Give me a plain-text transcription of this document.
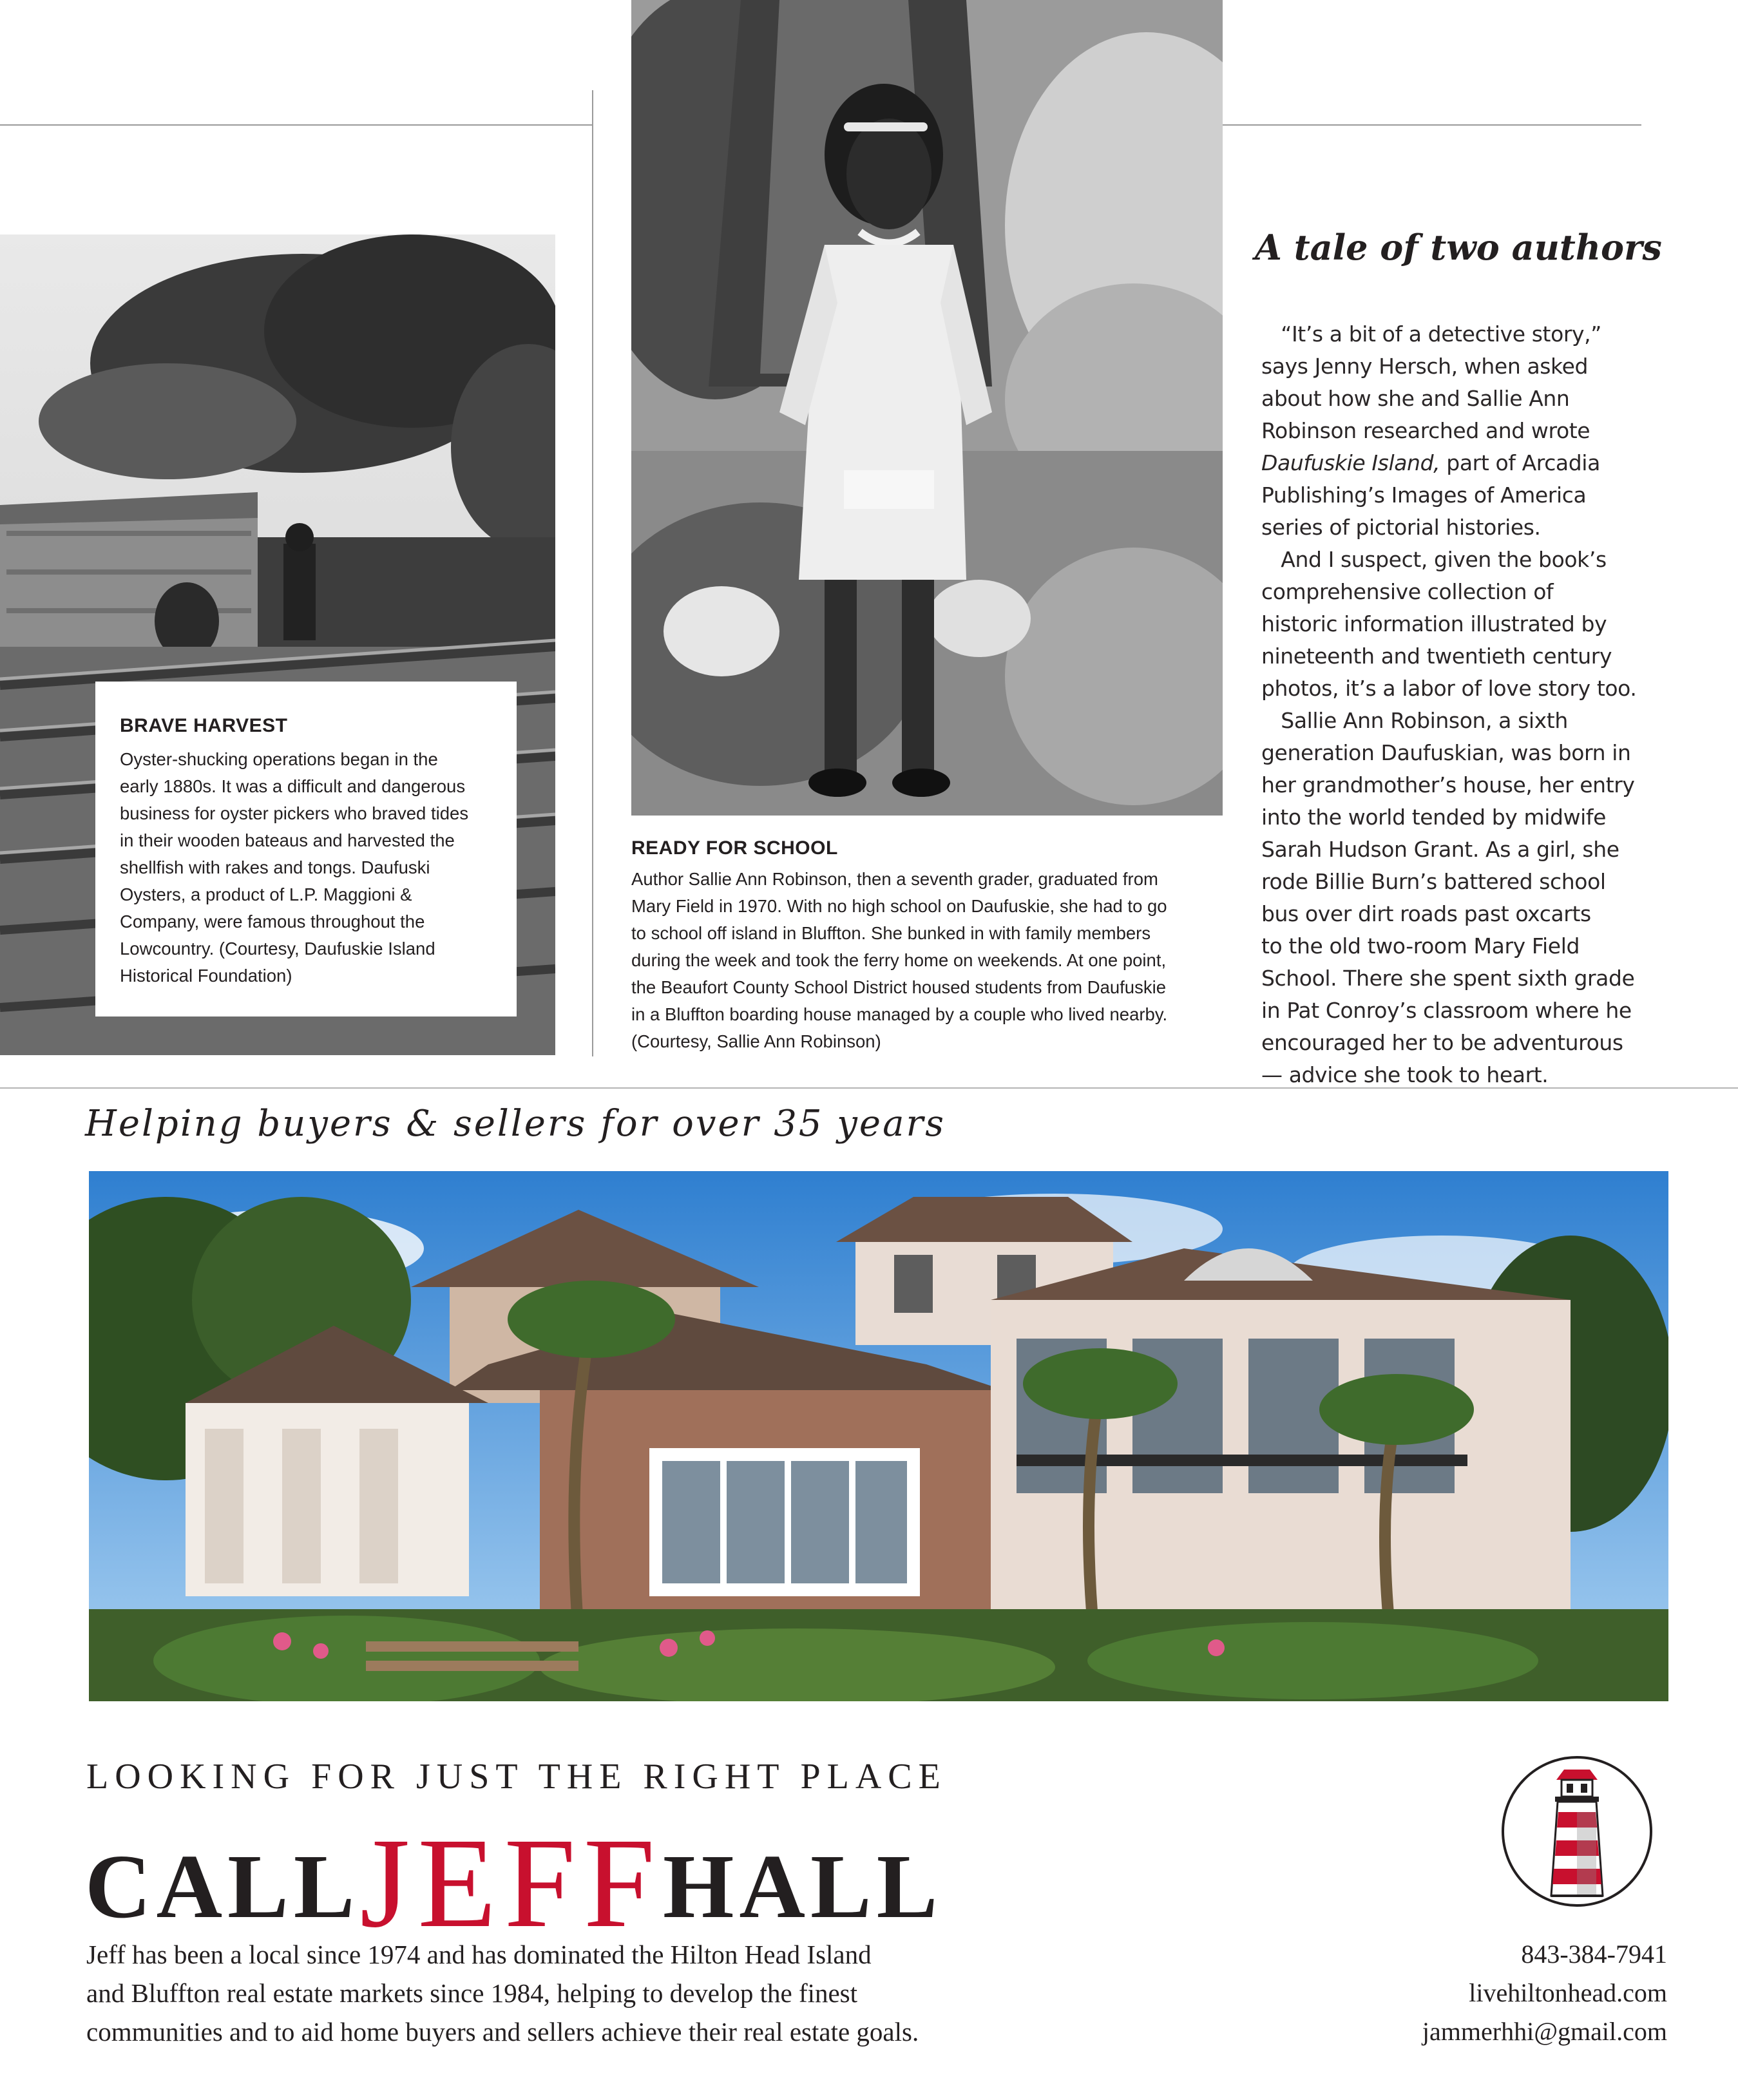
BRAVE HARVEST

Oyster-shucking operations began in the
early 1880s. It was a difficult and dangerous
business for oyster pickers who braved tides
in their wooden bateaus and harvested the
shellfish with rakes and tongs. Daufuski
Oysters, a product of L.P. Maggioni &
Company, were famous throughout the
Lowcountry. (Courtesy, Daufuskie Island
Historical Foundation)

READY FOR SCHOOL

Author Sallie Ann Robinson, then a seventh grader, graduated from
Mary Field in 1970. With no high school on Daufuskie, she had to go
to school off island in Bluffton. She bunked in with family members
during the week and took the ferry home on weekends. At one point,
the Beaufort County School District housed students from Daufuskie
in a Bluffton boarding house managed by a couple who lived nearby.
(Courtesy, Sallie Ann Robinson)

A tale of two authors
“It’s a bit of a detective story,”
says Jenny Hersch, when asked
about how she and Sallie Ann
Robinson researched and wrote
Daufuskie Island, part of Arcadia
Publishing’s Images of America
series of pictorial histories.
And I suspect, given the book’s
comprehensive collection of
historic information illustrated by
nineteenth and twentieth century
photos, it’s a labor of love story too.
Sallie Ann Robinson, a sixth
generation Daufuskian, was born in
her grandmother’s house, her entry
into the world tended by midwife
Sarah Hudson Grant. As a girl, she
rode Billie Burn’s battered school
bus over dirt roads past oxcarts
to the old two-room Mary Field
School. There she spent sixth grade
in Pat Conroy’s classroom where he
encouraged her to be adventurous
— advice she took to heart.

Helping buyers & sellers for over 35 years

LOOKING FOR JUST THE RIGHT PLACE

CALLJEFFHALL

Jeff has been a local since 1974 and has dominated the Hilton Head Island
and Bluffton real estate markets since 1984, helping to develop the finest
communities and to aid home buyers and sellers achieve their real estate goals.
843-384-7941
livehiltonhead.com
jammerhhi@gmail.com
